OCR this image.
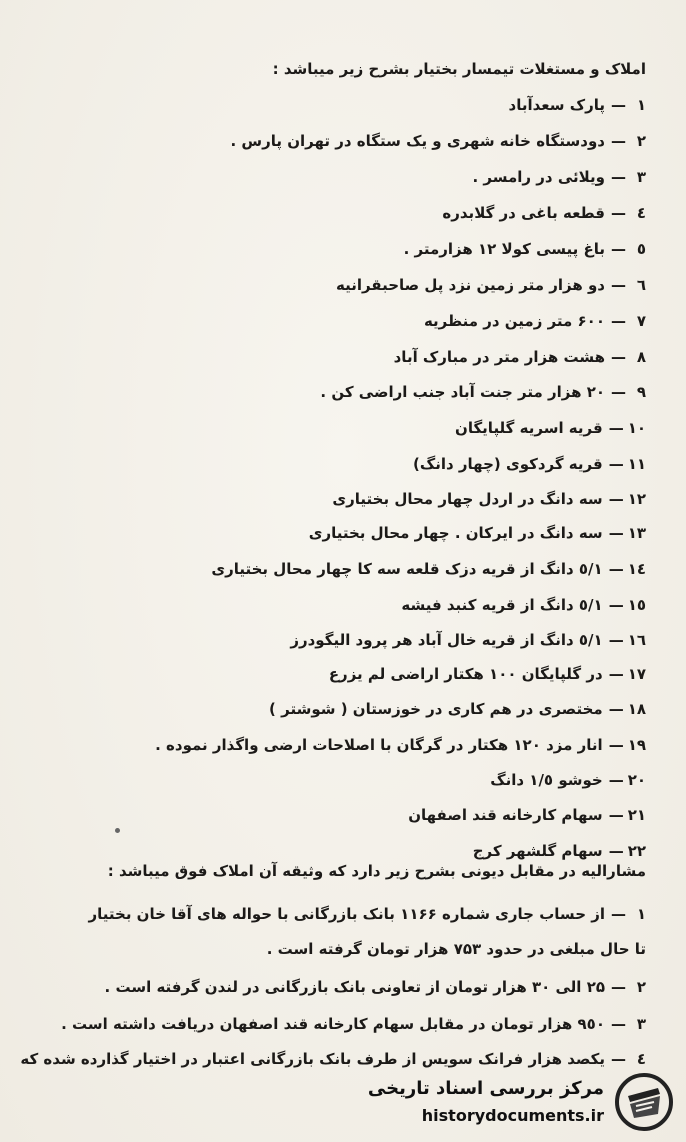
املاک و مستغلات تیمسار بختیار بشرح زیر میباشد :
۱—پارک سعدآباد
۲—دودستگاه خانه شهری و یک ستگاه در تهران پارس .
۳—ویلائی در رامسر .
٤—قطعه باغی در گلابدره
٥—باغ پیسی کولا ۱۲ هزارمتر .
٦—دو هزار متر زمین نزد پل صاحبقرانیه
۷—۶۰۰ متر زمین در منظریه
۸—هشت هزار متر در مبارک آباد
۹—۲۰ هزار متر جنت آباد جنب اراضی کن .
۱۰—قریه اسریه گلپایگان
۱۱—قریه گردکوی (چهار دانگ)
۱۲—سه دانگ در اردل چهار محال بختیاری
۱۳—سه دانگ در ایرکان . چهار محال بختیاری
١٤—۱/٥ دانگ از قریه دزک قلعه سه کا چهار محال بختیاری
۱٥—۱/٥ دانگ از قریه کنبد فیشه
۱٦—۱/٥ دانگ از قریه خال آباد هر پرود الیگودرز
۱۷—در گلپایگان ۱۰۰ هکتار اراضی لم یزرع
۱۸—مختصری در هم کاری در خوزستان ( شوشتر )
۱۹—انار مزد ۱۲۰ هکتار در گرگان با اصلاحات ارضی واگذار نموده .
۲۰—خوشو ۱/٥ دانگ
۲۱—سهام کارخانه قند اصفهان
۲۲—سهام گلشهر کرج
مشارالیه در مقابل دیونی بشرح زیر دارد که وثیقه آن املاک فوق میباشد :
۱—از حساب جاری شماره ۱۱۶۶ بانک بازرگانی با حواله های آقا خان بختیار
تا حال مبلغی در حدود ۷۵۳ هزار تومان گرفته است .
۲—۲۵ الی ۳۰ هزار تومان از تعاونی بانک بازرگانی در لندن گرفته است .
۳—۹٥۰ هزار تومان در مقابل سهام کارخانه قند اصفهان دریافت داشته است .
٤—یکصد هزار فرانک سویس از طرف بانک بازرگانی اعتبار در اختیار گذارده شده که
مرکز بررسی اسناد تاریخی
historydocuments.ir
